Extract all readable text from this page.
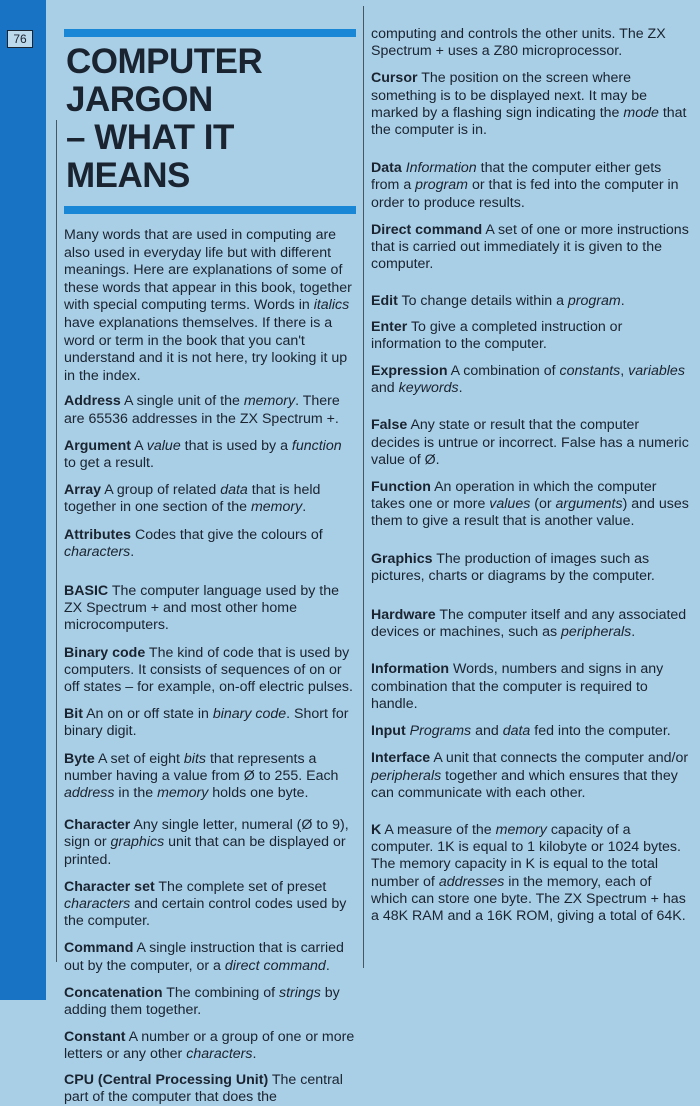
76
COMPUTER JARGON
– WHAT IT MEANS

Many words that are used in computing are also used in everyday life but with different meanings. Here are explanations of some of these words that appear in this book, together with special computing terms. Words in italics have explanations themselves. If there is a word or term in the book that you can't understand and it is not here, try looking it up in the index.

Address A single unit of the memory. There are 65536 addresses in the ZX Spectrum +.

Argument A value that is used by a function to get a result.

Array A group of related data that is held together in one section of the memory.

Attributes Codes that give the colours of characters.

BASIC The computer language used by the ZX Spectrum + and most other home microcomputers.

Binary code The kind of code that is used by computers. It consists of sequences of on or off states – for example, on-off electric pulses.

Bit An on or off state in binary code. Short for binary digit.

Byte A set of eight bits that represents a number having a value from Ø to 255. Each address in the memory holds one byte.

Character Any single letter, numeral (Ø to 9), sign or graphics unit that can be displayed or printed.

Character set The complete set of preset characters and certain control codes used by the computer.

Command A single instruction that is carried out by the computer, or a direct command.

Concatenation The combining of strings by adding them together.

Constant A number or a group of one or more letters or any other characters.

CPU (Central Processing Unit) The central part of the computer that does the

computing and controls the other units. The ZX Spectrum + uses a Z80 microprocessor.

Cursor The position on the screen where something is to be displayed next. It may be marked by a flashing sign indicating the mode that the computer is in.

Data Information that the computer either gets from a program or that is fed into the computer in order to produce results.

Direct command A set of one or more instructions that is carried out immediately it is given to the computer.

Edit To change details within a program.

Enter To give a completed instruction or information to the computer.

Expression A combination of constants, variables and keywords.

False Any state or result that the computer decides is untrue or incorrect. False has a numeric value of Ø.

Function An operation in which the computer takes one or more values (or arguments) and uses them to give a result that is another value.

Graphics The production of images such as pictures, charts or diagrams by the computer.

Hardware The computer itself and any associated devices or machines, such as peripherals.

Information Words, numbers and signs in any combination that the computer is required to handle.

Input Programs and data fed into the computer.

Interface A unit that connects the computer and/or peripherals together and which ensures that they can communicate with each other.

K A measure of the memory capacity of a computer. 1K is equal to 1 kilobyte or 1024 bytes. The memory capacity in K is equal to the total number of addresses in the memory, each of which can store one byte. The ZX Spectrum + has a 48K RAM and a 16K ROM, giving a total of 64K.
